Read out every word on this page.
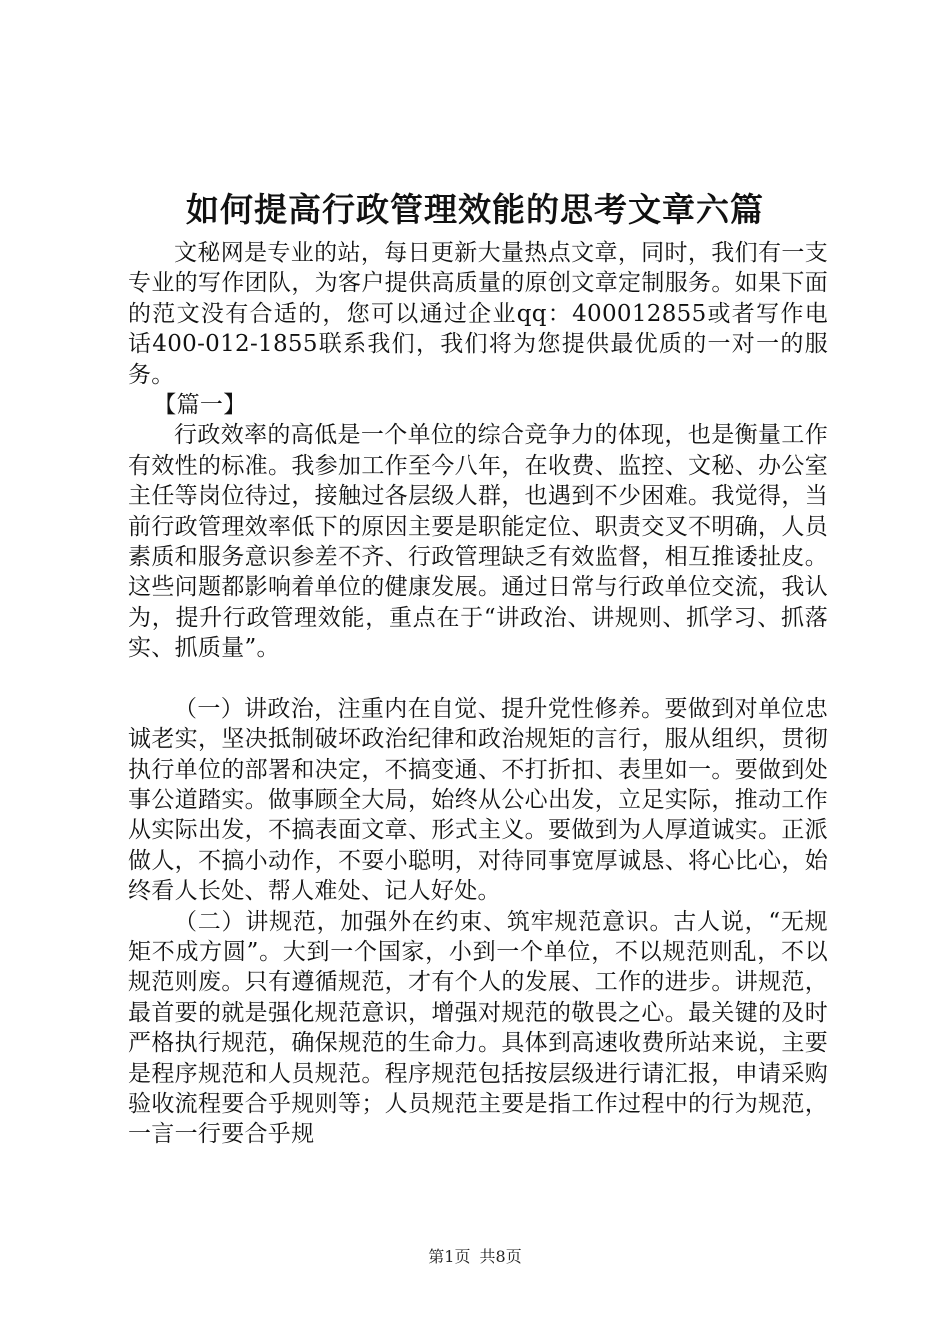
如何提高行政管理效能的思考文章六篇

文秘网是专业的站，每日更新大量热点文章，同时，我们有一支专业的写作团队，为客户提供高质量的原创文章定制服务。如果下面的范文没有合适的，您可以通过企业qq：400012855或者写作电话400-012-1855联系我们，我们将为您提供最优质的一对一的服务。

【篇一】

行政效率的高低是一个单位的综合竞争力的体现，也是衡量工作有效性的标准。我参加工作至今八年，在收费、监控、文秘、办公室主任等岗位待过，接触过各层级人群，也遇到不少困难。我觉得，当前行政管理效率低下的原因主要是职能定位、职责交叉不明确，人员素质和服务意识参差不齐、行政管理缺乏有效监督，相互推诿扯皮。这些问题都影响着单位的健康发展。通过日常与行政单位交流，我认为，提升行政管理效能，重点在于“讲政治、讲规则、抓学习、抓落实、抓质量”。

（一）讲政治，注重内在自觉、提升党性修养。要做到对单位忠诚老实，坚决抵制破坏政治纪律和政治规矩的言行，服从组织，贯彻执行单位的部署和决定，不搞变通、不打折扣、表里如一。要做到处事公道踏实。做事顾全大局，始终从公心出发，立足实际，推动工作从实际出发，不搞表面文章、形式主义。要做到为人厚道诚实。正派做人，不搞小动作，不耍小聪明，对待同事宽厚诚恳、将心比心，始终看人长处、帮人难处、记人好处。

（二）讲规范，加强外在约束、筑牢规范意识。古人说，“无规矩不成方圆”。大到一个国家，小到一个单位，不以规范则乱，不以规范则废。只有遵循规范，才有个人的发展、工作的进步。讲规范，最首要的就是强化规范意识，增强对规范的敬畏之心。最关键的及时严格执行规范，确保规范的生命力。具体到高速收费所站来说，主要是程序规范和人员规范。程序规范包括按层级进行请汇报，申请采购验收流程要合乎规则等；人员规范主要是指工作过程中的行为规范，一言一行要合乎规

第1页 共8页
